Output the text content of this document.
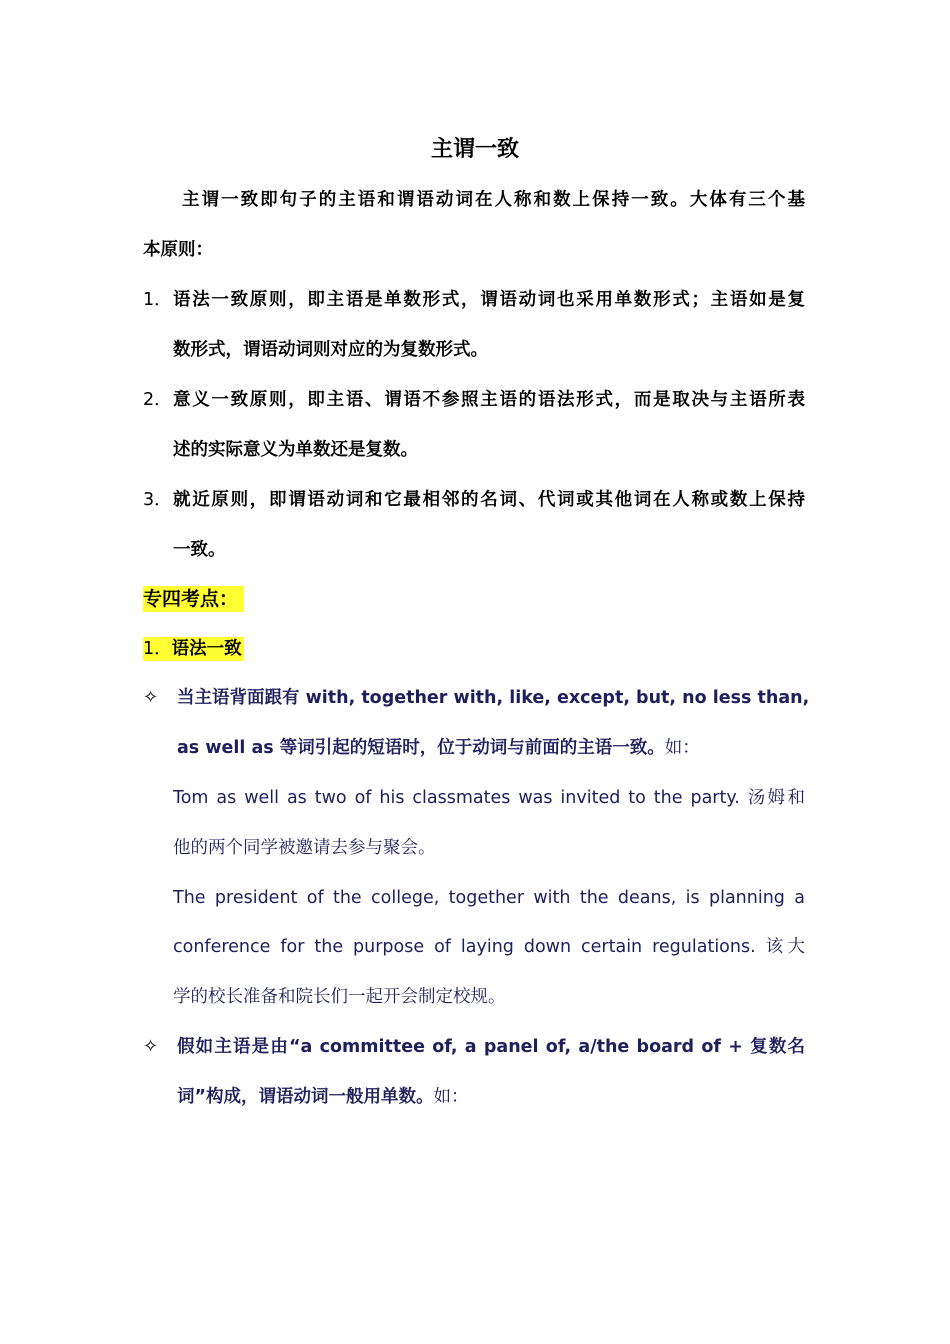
主谓一致
主谓一致即句子的主语和谓语动词在人称和数上保持一致。大体有三个基
本原则：
1． 语法一致原则，即主语是单数形式，谓语动词也采用单数形式；主语如是复
数形式，谓语动词则对应的为复数形式。
2． 意义一致原则，即主语、谓语不参照主语的语法形式，而是取决与主语所表
述的实际意义为单数还是复数。
3． 就近原则，即谓语动词和它最相邻的名词、代词或其他词在人称或数上保持
一致。
专四考点：
1．语法一致
✧ 当主语背面跟有 with, together with, like, except, but, no less than,
as well as 等词引起的短语时，位于动词与前面的主语一致。如：
Tom as well as two of his classmates was invited to the party. 汤姆和
他的两个同学被邀请去参与聚会。
The president of the college, together with the deans, is planning a
conference for the purpose of laying down certain regulations. 该大
学的校长准备和院长们一起开会制定校规。
✧ 假如主语是由“a committee of, a panel of, a/the board of + 复数名
词”构成，谓语动词一般用单数。如：
